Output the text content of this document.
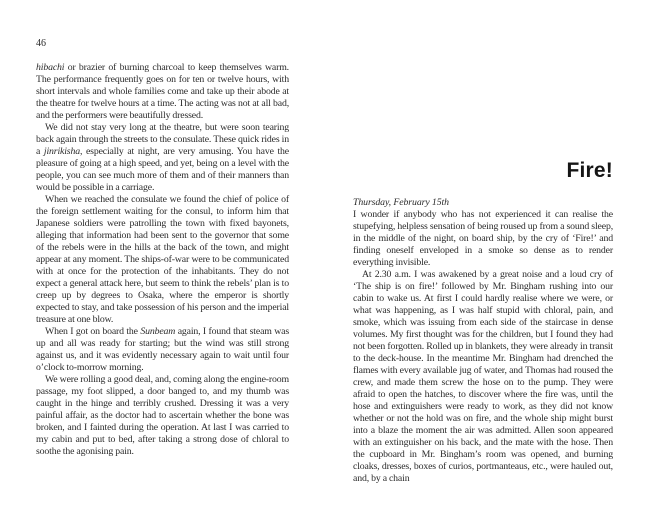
46

hibachi or brazier of burning charcoal to keep themselves warm. The performance frequently goes on for ten or twelve hours, with short intervals and whole families come and take up their abode at the theatre for twelve hours at a time. The acting was not at all bad, and the performers were beautifully dressed.

We did not stay very long at the theatre, but were soon tearing back again through the streets to the consulate. These quick rides in a jinrikisha, especially at night, are very amusing. You have the pleasure of going at a high speed, and yet, being on a level with the people, you can see much more of them and of their manners than would be possible in a carriage.

When we reached the consulate we found the chief of police of the foreign settlement waiting for the consul, to inform him that Japanese soldiers were patrolling the town with fixed bayonets, alleging that information had been sent to the governor that some of the rebels were in the hills at the back of the town, and might appear at any moment. The ships-of-war were to be communicated with at once for the protection of the inhabitants. They do not expect a general attack here, but seem to think the rebels’ plan is to creep up by degrees to Osaka, where the emperor is shortly expected to stay, and take possession of his person and the imperial treasure at one blow.

When I got on board the Sunbeam again, I found that steam was up and all was ready for starting; but the wind was still strong against us, and it was evidently necessary again to wait until four o’clock to-morrow morning.

We were rolling a good deal, and, coming along the engine-room passage, my foot slipped, a door banged to, and my thumb was caught in the hinge and terribly crushed. Dressing it was a very painful affair, as the doctor had to ascertain whether the bone was broken, and I fainted during the operation. At last I was carried to my cabin and put to bed, after taking a strong dose of chloral to soothe the agonising pain.

Fire!

Thursday, February 15th

I wonder if anybody who has not experienced it can realise the stupefying, helpless sensation of being roused up from a sound sleep, in the middle of the night, on board ship, by the cry of ‘Fire!’ and finding oneself enveloped in a smoke so dense as to render everything invisible.

At 2.30 a.m. I was awakened by a great noise and a loud cry of ‘The ship is on fire!’ followed by Mr. Bingham rushing into our cabin to wake us. At first I could hardly realise where we were, or what was happening, as I was half stupid with chloral, pain, and smoke, which was issuing from each side of the staircase in dense volumes. My first thought was for the children, but I found they had not been forgotten. Rolled up in blankets, they were already in transit to the deck-house. In the meantime Mr. Bingham had drenched the flames with every available jug of water, and Thomas had roused the crew, and made them screw the hose on to the pump. They were afraid to open the hatches, to discover where the fire was, until the hose and extinguishers were ready to work, as they did not know whether or not the hold was on fire, and the whole ship might burst into a blaze the moment the air was admitted. Allen soon appeared with an extinguisher on his back, and the mate with the hose. Then the cupboard in Mr. Bingham’s room was opened, and burning cloaks, dresses, boxes of curios, portmanteaus, etc., were hauled out, and, by a chain
